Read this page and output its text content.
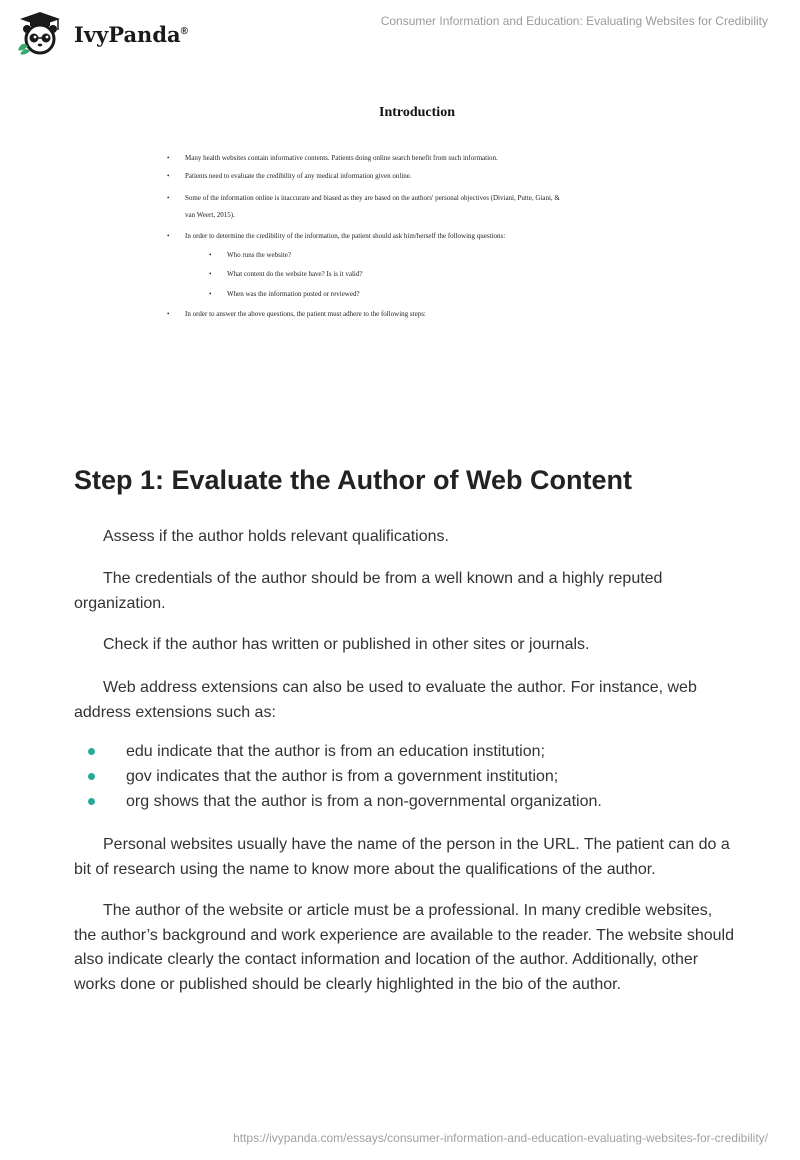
IvyPanda®
Consumer Information and Education: Evaluating Websites for Credibility
Introduction
• Many health websites contain informative contents. Patients doing online search benefit from such information.
• Patients need to evaluate the credibility of any medical information given online.
• Some of the information online is inaccurate and biased as they are based on the authors' personal objectives (Diviani, Putte, Giani, &
van Weert, 2015).
• In order to determine the credibility of the information, the patient should ask him/herself the following questions:
• Who runs the website?
• What content do the website have? Is is it valid?
• When was the information posted or reviewed?
• In order to answer the above questions, the patient must adhere to the following steps:
Step 1: Evaluate the Author of Web Content

Assess if the author holds relevant qualifications.

The credentials of the author should be from a well known and a highly reputed organization.

Check if the author has written or published in other sites or journals.

Web address extensions can also be used to evaluate the author. For instance, web address extensions such as:

edu indicate that the author is from an education institution;
gov indicates that the author is from a government institution;
org shows that the author is from a non-governmental organization.

Personal websites usually have the name of the person in the URL. The patient can do a bit of research using the name to know more about the qualifications of the author.

The author of the website or article must be a professional. In many credible websites, the author’s background and work experience are available to the reader. The website should also indicate clearly the contact information and location of the author. Additionally, other works done or published should be clearly highlighted in the bio of the author.

https://ivypanda.com/essays/consumer-information-and-education-evaluating-websites-for-credibility/
